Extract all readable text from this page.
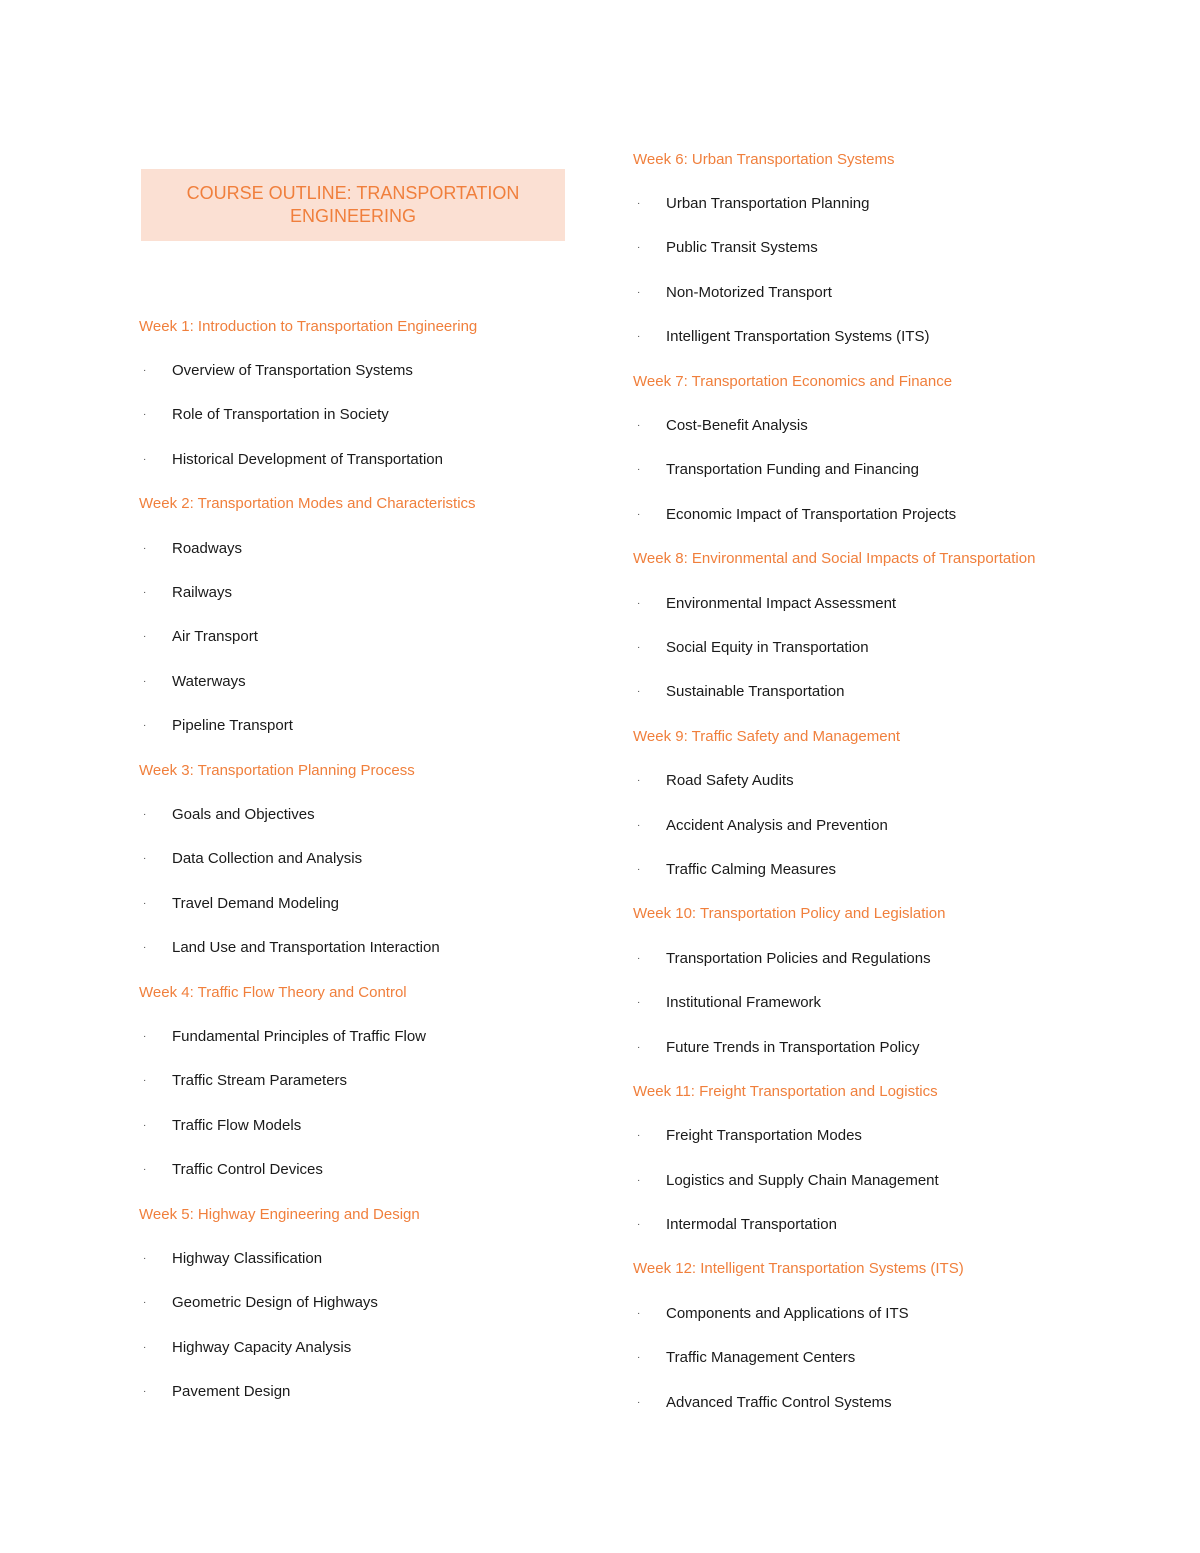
COURSE OUTLINE: TRANSPORTATION ENGINEERING
Week 1: Introduction to Transportation Engineering
·	Overview of Transportation Systems
·	Role of Transportation in Society
·	Historical Development of Transportation
Week 2: Transportation Modes and Characteristics
·	Roadways
·	Railways
·	Air Transport
·	Waterways
·	Pipeline Transport
Week 3: Transportation Planning Process
·	Goals and Objectives
·	Data Collection and Analysis
·	Travel Demand Modeling
·	Land Use and Transportation Interaction
Week 4: Traffic Flow Theory and Control
·	Fundamental Principles of Traffic Flow
·	Traffic Stream Parameters
·	Traffic Flow Models
·	Traffic Control Devices
Week 5: Highway Engineering and Design
·	Highway Classification
·	Geometric Design of Highways
·	Highway Capacity Analysis
·	Pavement Design
Week 6: Urban Transportation Systems
·	Urban Transportation Planning
·	Public Transit Systems
·	Non-Motorized Transport
·	Intelligent Transportation Systems (ITS)
Week 7: Transportation Economics and Finance
·	Cost-Benefit Analysis
·	Transportation Funding and Financing
·	Economic Impact of Transportation Projects
Week 8: Environmental and Social Impacts of Transportation
·	Environmental Impact Assessment
·	Social Equity in Transportation
·	Sustainable Transportation
Week 9: Traffic Safety and Management
·	Road Safety Audits
·	Accident Analysis and Prevention
·	Traffic Calming Measures
Week 10: Transportation Policy and Legislation
·	Transportation Policies and Regulations
·	Institutional Framework
·	Future Trends in Transportation Policy
Week 11: Freight Transportation and Logistics
·	Freight Transportation Modes
·	Logistics and Supply Chain Management
·	Intermodal Transportation
Week 12: Intelligent Transportation Systems (ITS)
·	Components and Applications of ITS
·	Traffic Management Centers
·	Advanced Traffic Control Systems
